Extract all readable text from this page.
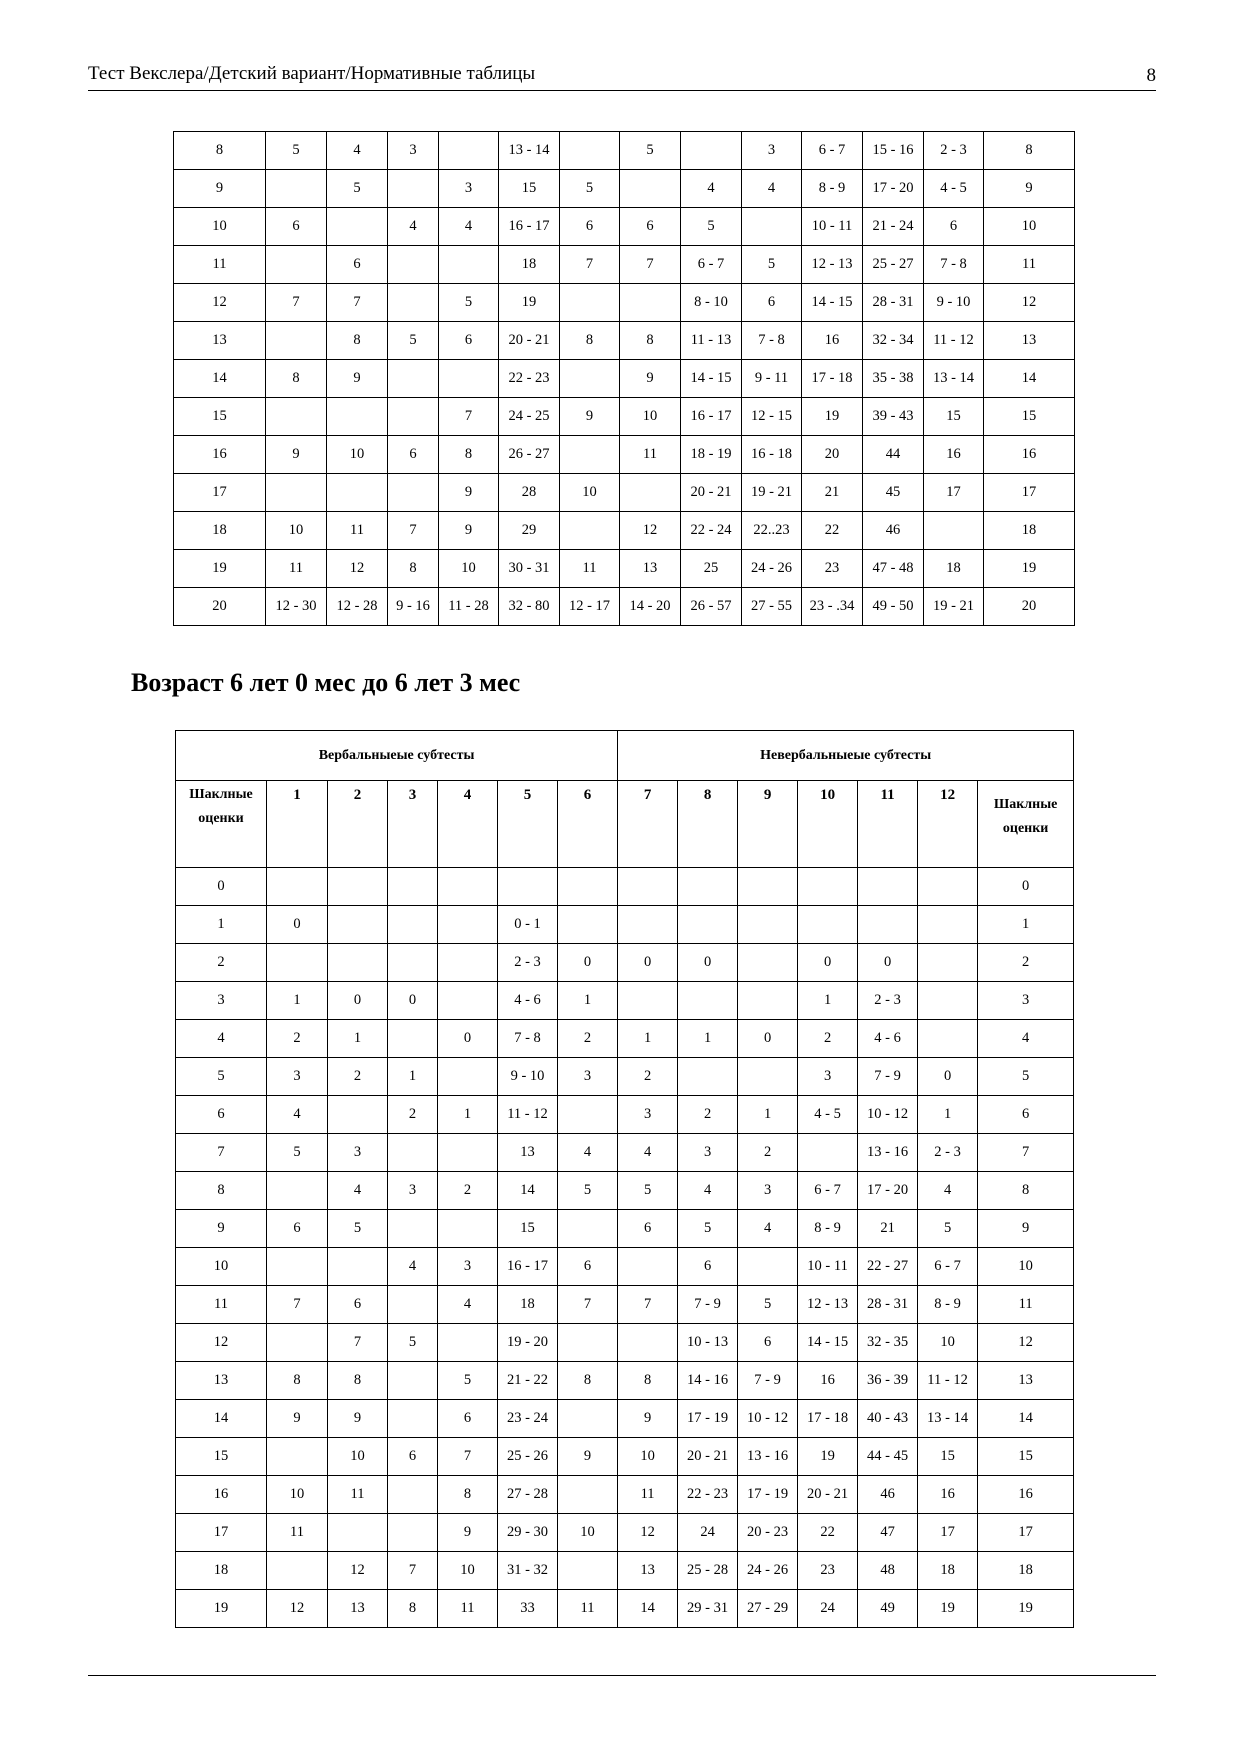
Тест Векслера/Детский вариант/Нормативные таблицы	8
8	5	4	3		13 - 14		5		3	6 - 7	15 - 16	2 - 3	8
9		5		3	15	5		4	4	8 - 9	17 - 20	4 - 5	9
10	6		4	4	16 - 17	6	6	5		10 - 11	21 - 24	6	10
11		6			18	7	7	6 - 7	5	12 - 13	25 - 27	7 - 8	11
12	7	7		5	19			8 - 10	6	14 - 15	28 - 31	9 - 10	12
13		8	5	6	20 - 21	8	8	11 - 13	7 - 8	16	32 - 34	11 - 12	13
14	8	9			22 - 23		9	14 - 15	9 - 11	17 - 18	35 - 38	13 - 14	14
15				7	24 - 25	9	10	16 - 17	12 - 15	19	39 - 43	15	15
16	9	10	6	8	26 - 27		11	18 - 19	16 - 18	20	44	16	16
17				9	28	10		20 - 21	19 - 21	21	45	17	17
18	10	11	7	9	29		12	22 - 24	22..23	22	46		18
19	11	12	8	10	30 - 31	11	13	25	24 - 26	23	47 - 48	18	19
20	12 - 30	12 - 28	9 - 16	11 - 28	32 - 80	12 - 17	14 - 20	26 - 57	27 - 55	23 - .34	49 - 50	19 - 21	20
Возраст 6 лет 0 мес до 6 лет 3 мес
Вербальныеые субтесты							Невербальныеые субтесты						
Шаклные оценки	1	2	3	4	5	6	7	8	9	10	11	12	Шаклные оценки
0													0
1	0				0 - 1								1
2					2 - 3	0	0	0		0	0		2
3	1	0	0		4 - 6	1				1	2 - 3		3
4	2	1		0	7 - 8	2	1	1	0	2	4 - 6		4
5	3	2	1		9 - 10	3	2			3	7 - 9	0	5
6	4		2	1	11 - 12		3	2	1	4 - 5	10 - 12	1	6
7	5	3			13	4	4	3	2		13 - 16	2 - 3	7
8		4	3	2	14	5	5	4	3	6 - 7	17 - 20	4	8
9	6	5			15		6	5	4	8 - 9	21	5	9
10			4	3	16 - 17	6		6		10 - 11	22 - 27	6 - 7	10
11	7	6		4	18	7	7	7 - 9	5	12 - 13	28 - 31	8 - 9	11
12		7	5		19 - 20			10 - 13	6	14 - 15	32 - 35	10	12
13	8	8		5	21 - 22	8	8	14 - 16	7 - 9	16	36 - 39	11 - 12	13
14	9	9		6	23 - 24		9	17 - 19	10 - 12	17 - 18	40 - 43	13 - 14	14
15		10	6	7	25 - 26	9	10	20 - 21	13 - 16	19	44 - 45	15	15
16	10	11		8	27 - 28		11	22 - 23	17 - 19	20 - 21	46	16	16
17	11			9	29 - 30	10	12	24	20 - 23	22	47	17	17
18		12	7	10	31 - 32		13	25 - 28	24 - 26	23	48	18	18
19	12	13	8	11	33	11	14	29 - 31	27 - 29	24	49	19	19
